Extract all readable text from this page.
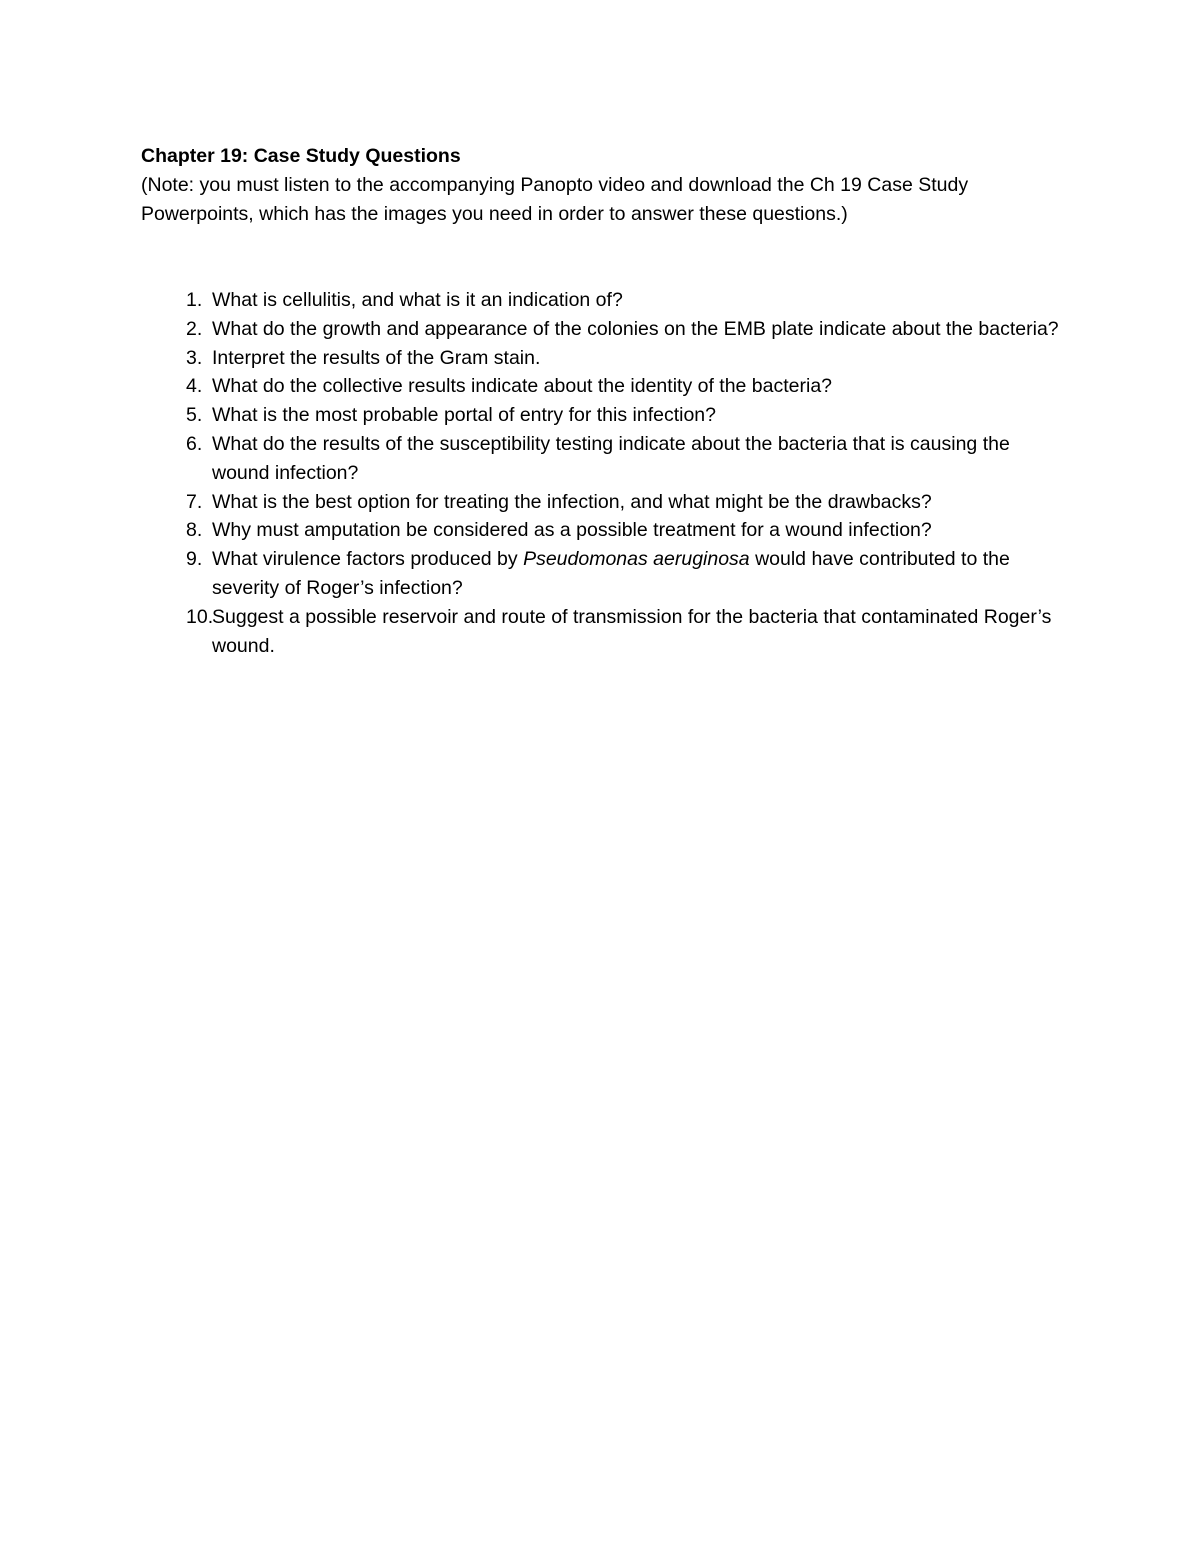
Chapter 19: Case Study Questions

(Note: you must listen to the accompanying Panopto video and download the Ch 19 Case Study Powerpoints, which has the images you need in order to answer these questions.)

1. What is cellulitis, and what is it an indication of?
2. What do the growth and appearance of the colonies on the EMB plate indicate about the bacteria?
3. Interpret the results of the Gram stain.
4. What do the collective results indicate about the identity of the bacteria?
5. What is the most probable portal of entry for this infection?
6. What do the results of the susceptibility testing indicate about the bacteria that is causing the wound infection?
7. What is the best option for treating the infection, and what might be the drawbacks?
8. Why must amputation be considered as a possible treatment for a wound infection?
9. What virulence factors produced by Pseudomonas aeruginosa would have contributed to the severity of Roger’s infection?
10.
Suggest a possible reservoir and route of transmission for the bacteria that contaminated Roger’s wound.
